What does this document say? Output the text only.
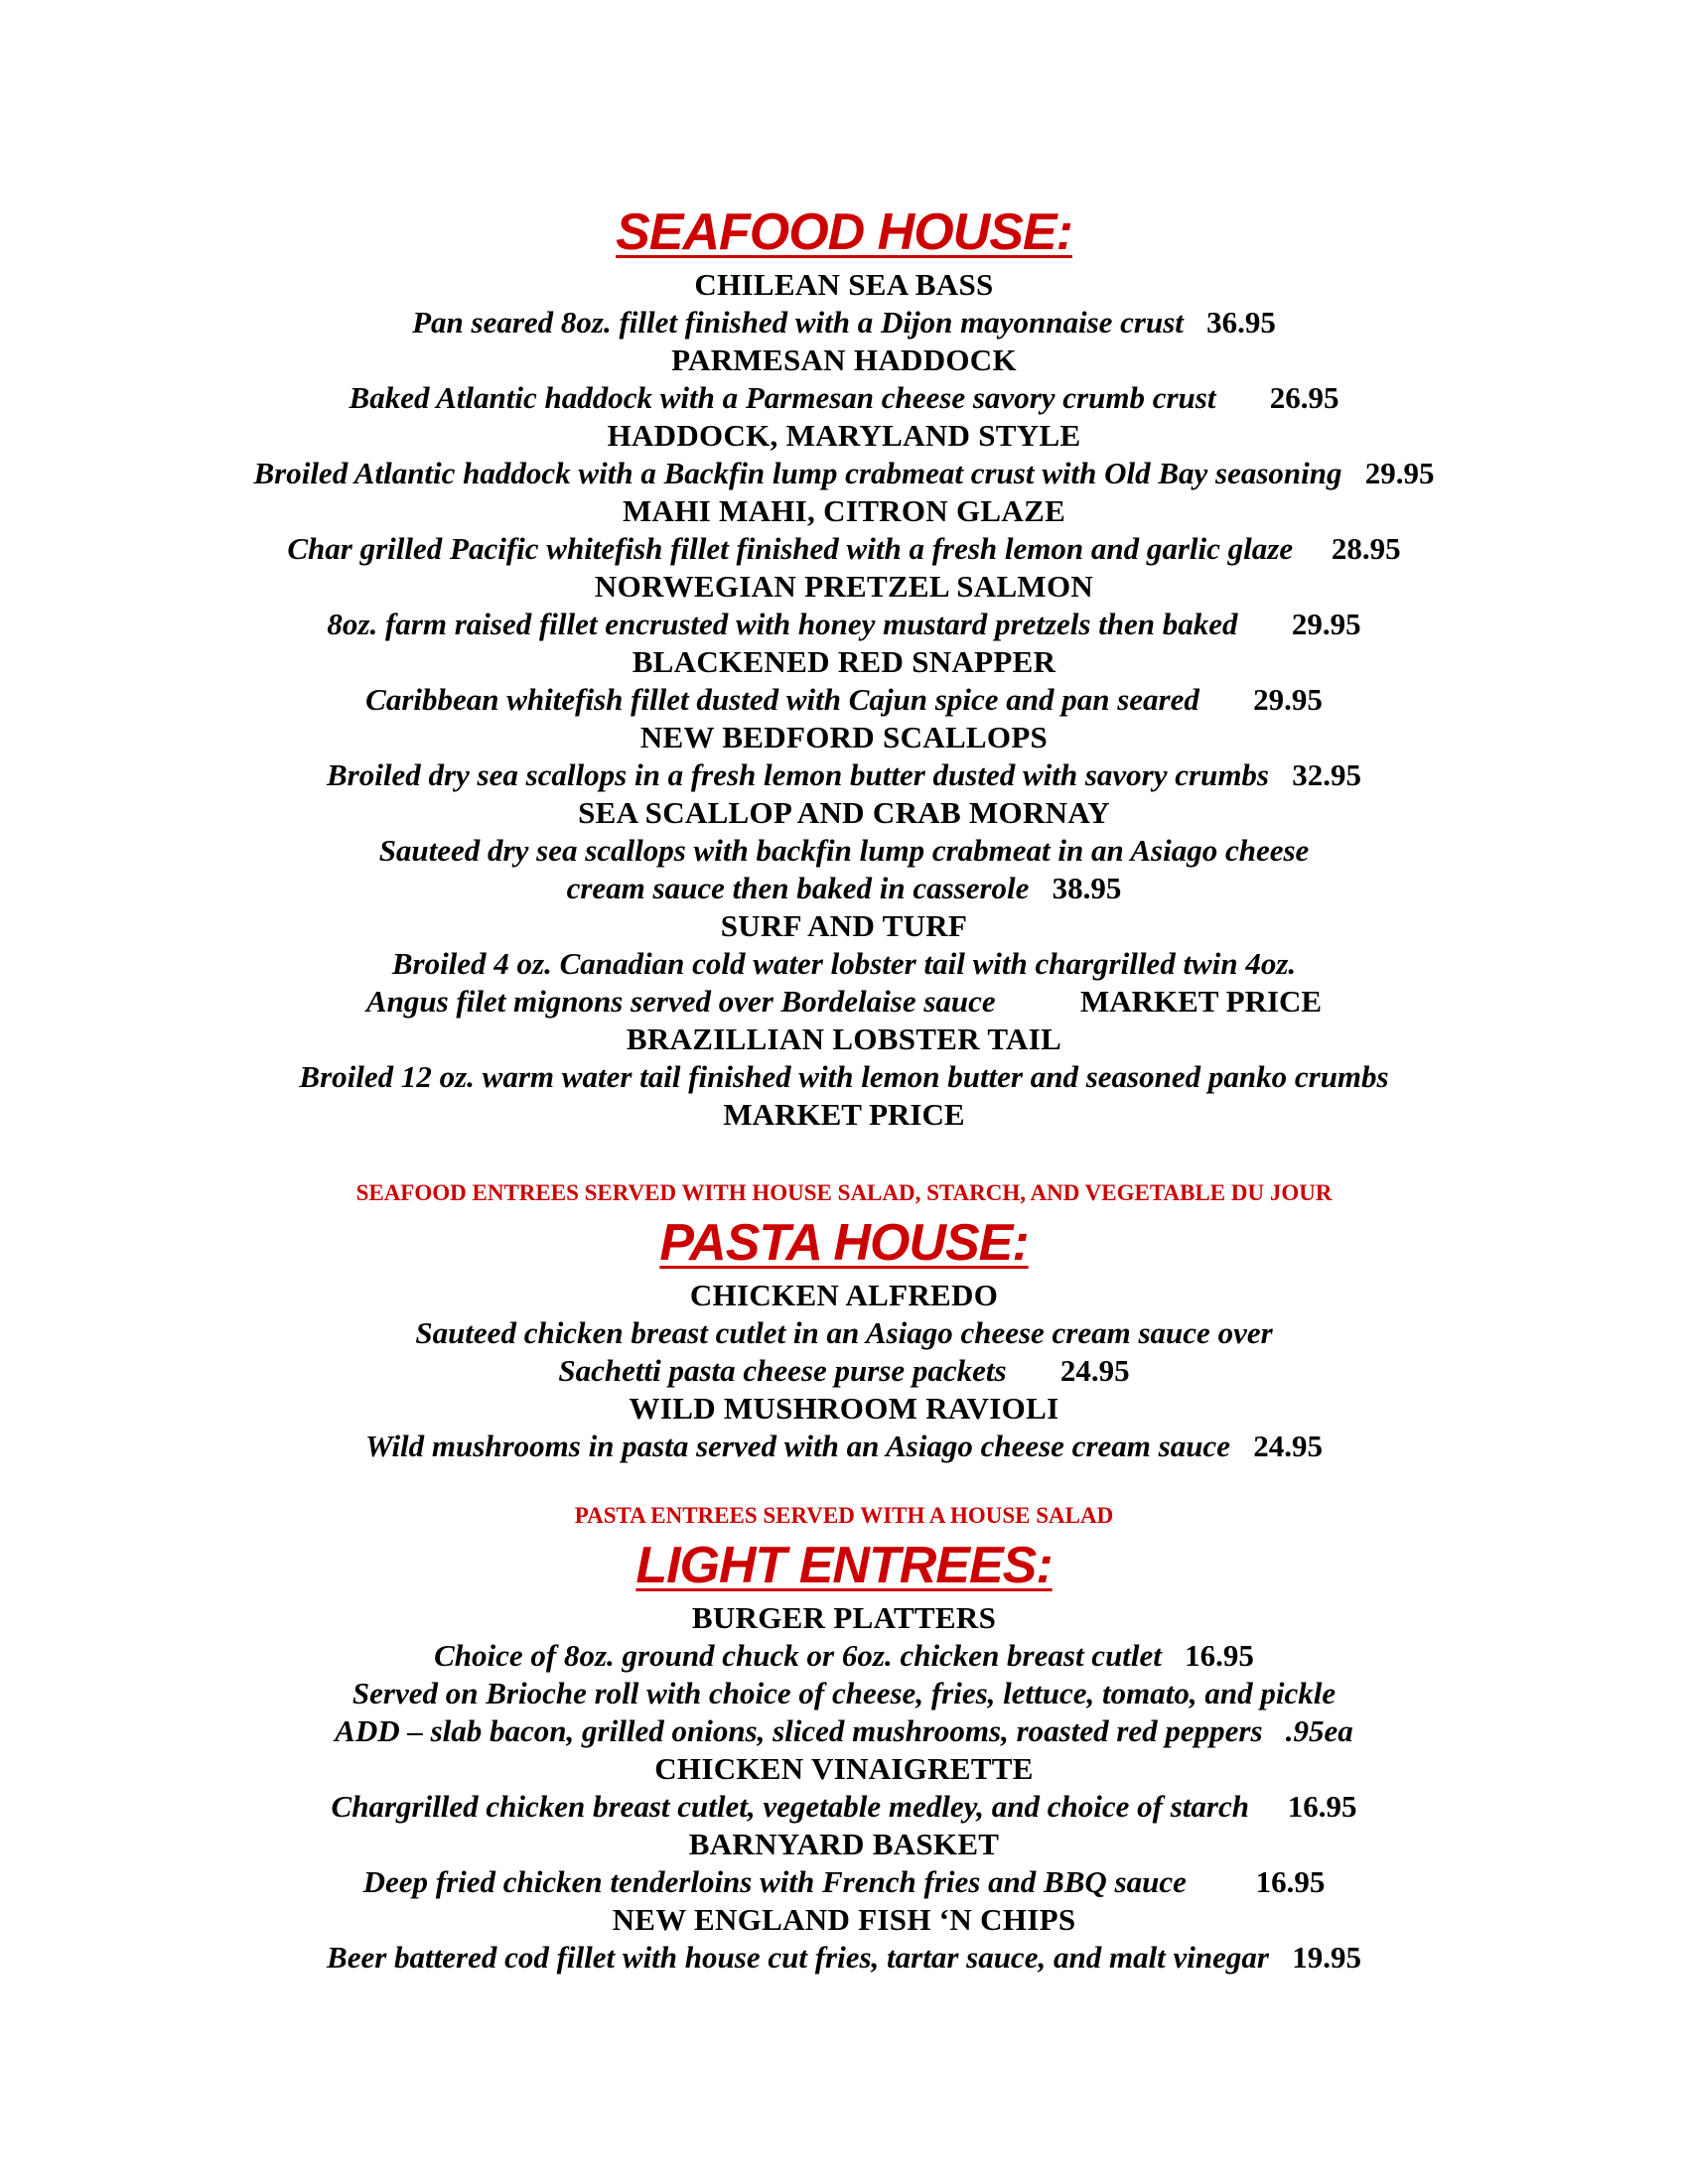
SEAFOOD HOUSE:
CHILEAN SEA BASS
Pan seared 8oz. fillet finished with a Dijon mayonnaise crust 36.95
PARMESAN HADDOCK
Baked Atlantic haddock with a Parmesan cheese savory crumb crust 26.95
HADDOCK, MARYLAND STYLE
Broiled Atlantic haddock with a Backfin lump crabmeat crust with Old Bay seasoning 29.95
MAHI MAHI, CITRON GLAZE
Char grilled Pacific whitefish fillet finished with a fresh lemon and garlic glaze 28.95
NORWEGIAN PRETZEL SALMON
8oz. farm raised fillet encrusted with honey mustard pretzels then baked 29.95
BLACKENED RED SNAPPER
Caribbean whitefish fillet dusted with Cajun spice and pan seared 29.95
NEW BEDFORD SCALLOPS
Broiled dry sea scallops in a fresh lemon butter dusted with savory crumbs 32.95
SEA SCALLOP AND CRAB MORNAY
Sauteed dry sea scallops with backfin lump crabmeat in an Asiago cheese
cream sauce then baked in casserole 38.95
SURF AND TURF
Broiled 4 oz. Canadian cold water lobster tail with chargrilled twin 4oz.
Angus filet mignons served over Bordelaise sauce	MARKET PRICE
BRAZILLIAN LOBSTER TAIL
Broiled 12 oz. warm water tail finished with lemon butter and seasoned panko crumbs
MARKET PRICE
SEAFOOD ENTREES SERVED WITH HOUSE SALAD, STARCH, AND VEGETABLE DU JOUR
PASTA HOUSE:
CHICKEN ALFREDO
Sauteed chicken breast cutlet in an Asiago cheese cream sauce over
Sachetti pasta cheese purse packets 24.95
WILD MUSHROOM RAVIOLI
Wild mushrooms in pasta served with an Asiago cheese cream sauce 24.95
PASTA ENTREES SERVED WITH A HOUSE SALAD
LIGHT ENTREES:
BURGER PLATTERS
Choice of 8oz. ground chuck or 6oz. chicken breast cutlet 16.95
Served on Brioche roll with choice of cheese, fries, lettuce, tomato, and pickle
ADD – slab bacon, grilled onions, sliced mushrooms, roasted red peppers .95ea
CHICKEN VINAIGRETTE
Chargrilled chicken breast cutlet, vegetable medley, and choice of starch 16.95
BARNYARD BASKET
Deep fried chicken tenderloins with French fries and BBQ sauce 16.95
NEW ENGLAND FISH ‘N CHIPS
Beer battered cod fillet with house cut fries, tartar sauce, and malt vinegar 19.95
